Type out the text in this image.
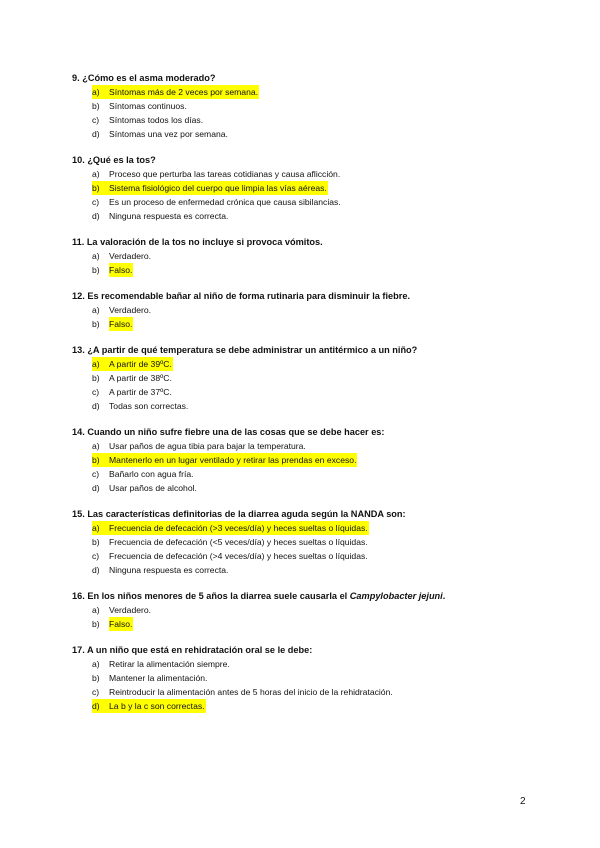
9. ¿Cómo es el asma moderado?

a)	Síntomas más de 2 veces por semana.
b)	Síntomas continuos.
c)	Síntomas todos los días.
d)	Síntomas una vez por semana.

10. ¿Qué es la tos?

a)	Proceso que perturba las tareas cotidianas y causa aflicción.
b)	Sistema fisiológico del cuerpo que limpia las vías aéreas.
c)	Es un proceso de enfermedad crónica que causa sibilancias.
d)	Ninguna respuesta es correcta.

11. La valoración de la tos no incluye si provoca vómitos.

a)	Verdadero.
b)	Falso.

12. Es recomendable bañar al niño de forma rutinaria para disminuir la fiebre.

a)	Verdadero.
b)	Falso.

13. ¿A partir de qué temperatura se debe administrar un antitérmico a un niño?

a)	A partir de 39ºC.
b)	A partir de 38ºC.
c)	A partir de 37ºC.
d)	Todas son correctas.

14. Cuando un niño sufre fiebre una de las cosas que se debe hacer es:

a)	Usar paños de agua tibia para bajar la temperatura.
b)	Mantenerlo en un lugar ventilado y retirar las prendas en exceso.
c)	Bañarlo con agua fría.
d)	Usar paños de alcohol.

15. Las características definitorias de la diarrea aguda según la NANDA son:

a)	Frecuencia de defecación (>3 veces/día) y heces sueltas o líquidas.
b)	Frecuencia de defecación (<5 veces/día) y heces sueltas o líquidas.
c)	Frecuencia de defecación (>4 veces/día) y heces sueltas o líquidas.
d)	Ninguna respuesta es correcta.

16. En los niños menores de 5 años la diarrea suele causarla el Campylobacter jejuni.

a)	Verdadero.
b)	Falso.

17. A un niño que está en rehidratación oral se le debe:

a)	Retirar la alimentación siempre.
b)	Mantener la alimentación.
c)	Reintroducir la alimentación antes de 5 horas del inicio de la rehidratación.
d)	La b y la c son correctas.
2
